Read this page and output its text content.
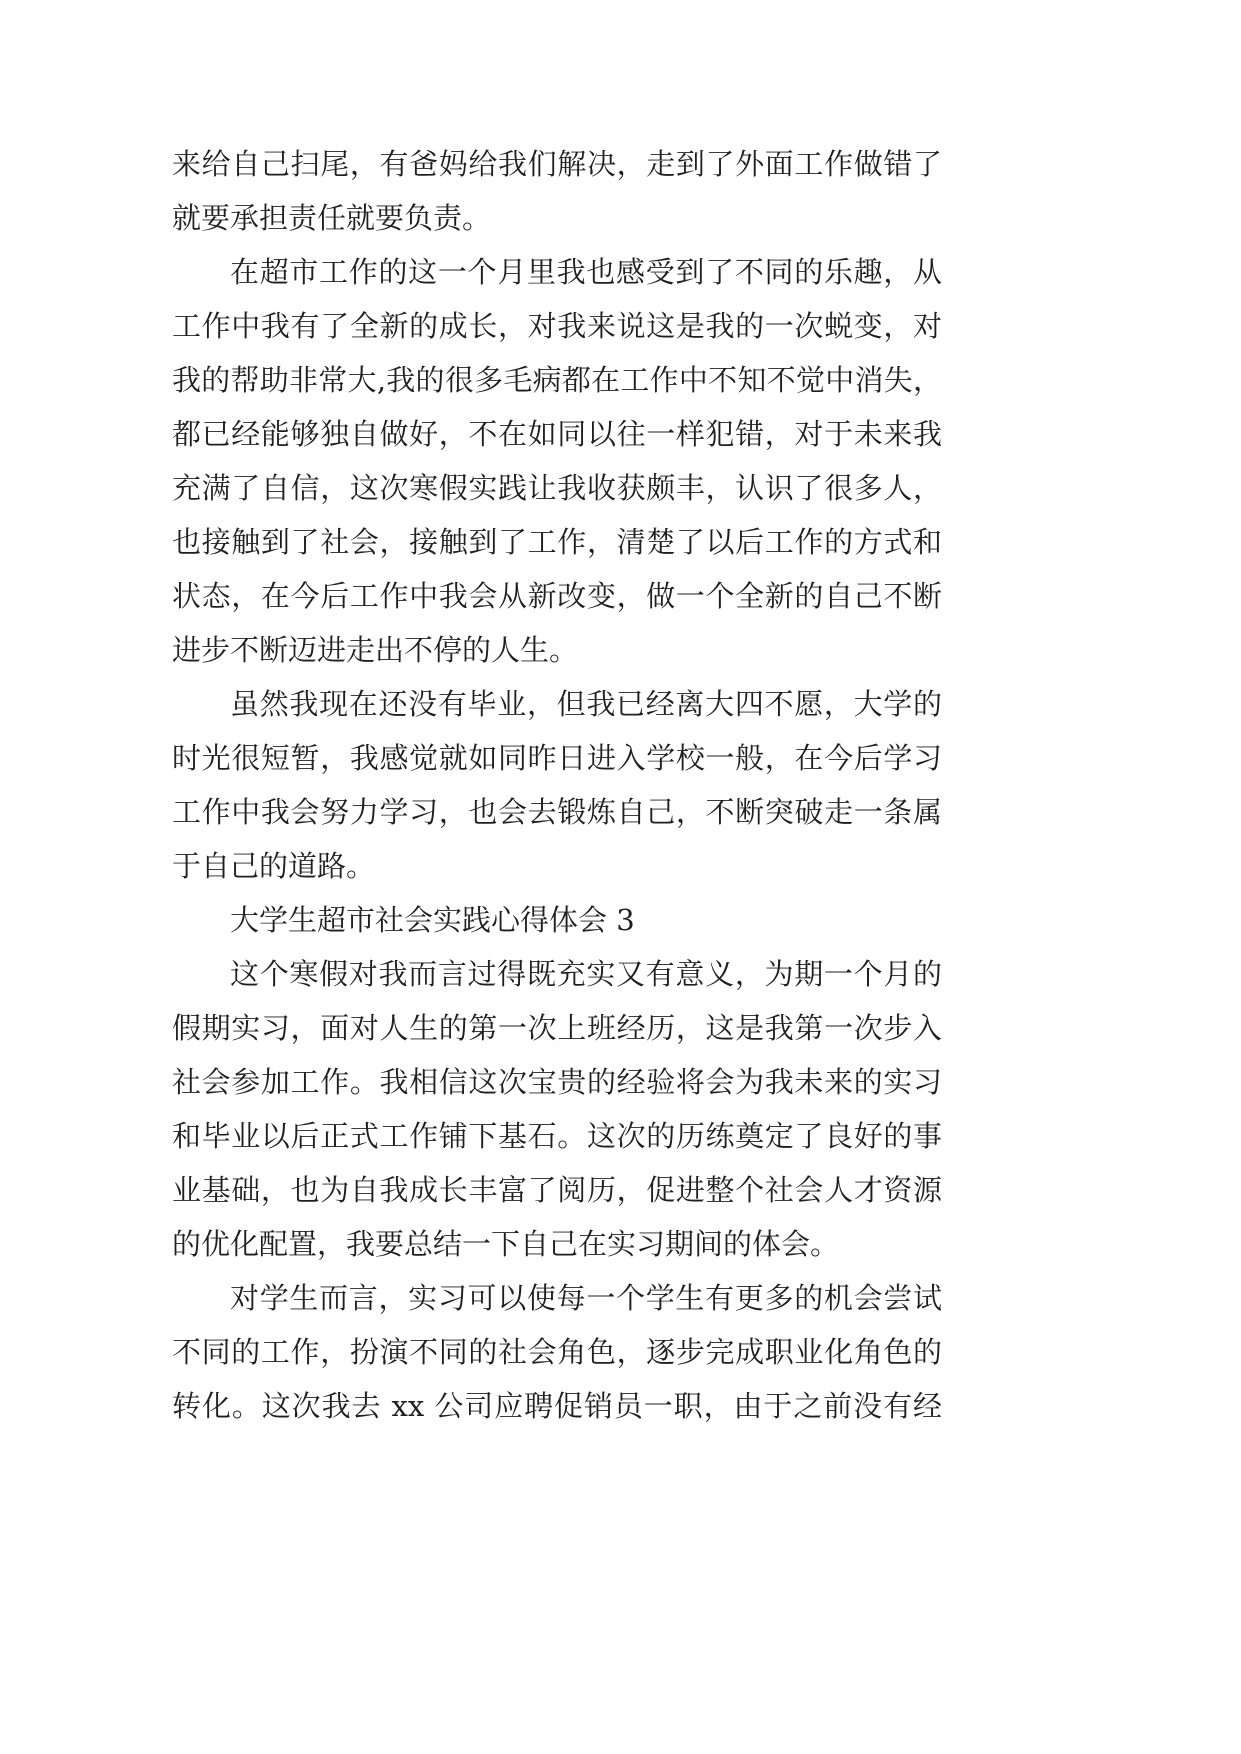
来给自己扫尾，有爸妈给我们解决，走到了外面工作做错了
就要承担责任就要负责。
在超市工作的这一个月里我也感受到了不同的乐趣，从
工作中我有了全新的成长，对我来说这是我的一次蜕变，对
我的帮助非常大,我的很多毛病都在工作中不知不觉中消失，
都已经能够独自做好，不在如同以往一样犯错，对于未来我
充满了自信，这次寒假实践让我收获颇丰，认识了很多人，
也接触到了社会，接触到了工作，清楚了以后工作的方式和
状态，在今后工作中我会从新改变，做一个全新的自己不断
进步不断迈进走出不停的人生。
虽然我现在还没有毕业，但我已经离大四不愿，大学的
时光很短暂，我感觉就如同昨日进入学校一般，在今后学习
工作中我会努力学习，也会去锻炼自己，不断突破走一条属
于自己的道路。
大学生超市社会实践心得体会 3
这个寒假对我而言过得既充实又有意义，为期一个月的
假期实习，面对人生的第一次上班经历，这是我第一次步入
社会参加工作。我相信这次宝贵的经验将会为我未来的实习
和毕业以后正式工作铺下基石。这次的历练奠定了良好的事
业基础，也为自我成长丰富了阅历，促进整个社会人才资源
的优化配置，我要总结一下自己在实习期间的体会。
对学生而言，实习可以使每一个学生有更多的机会尝试
不同的工作，扮演不同的社会角色，逐步完成职业化角色的
转化。这次我去 xx 公司应聘促销员一职，由于之前没有经
